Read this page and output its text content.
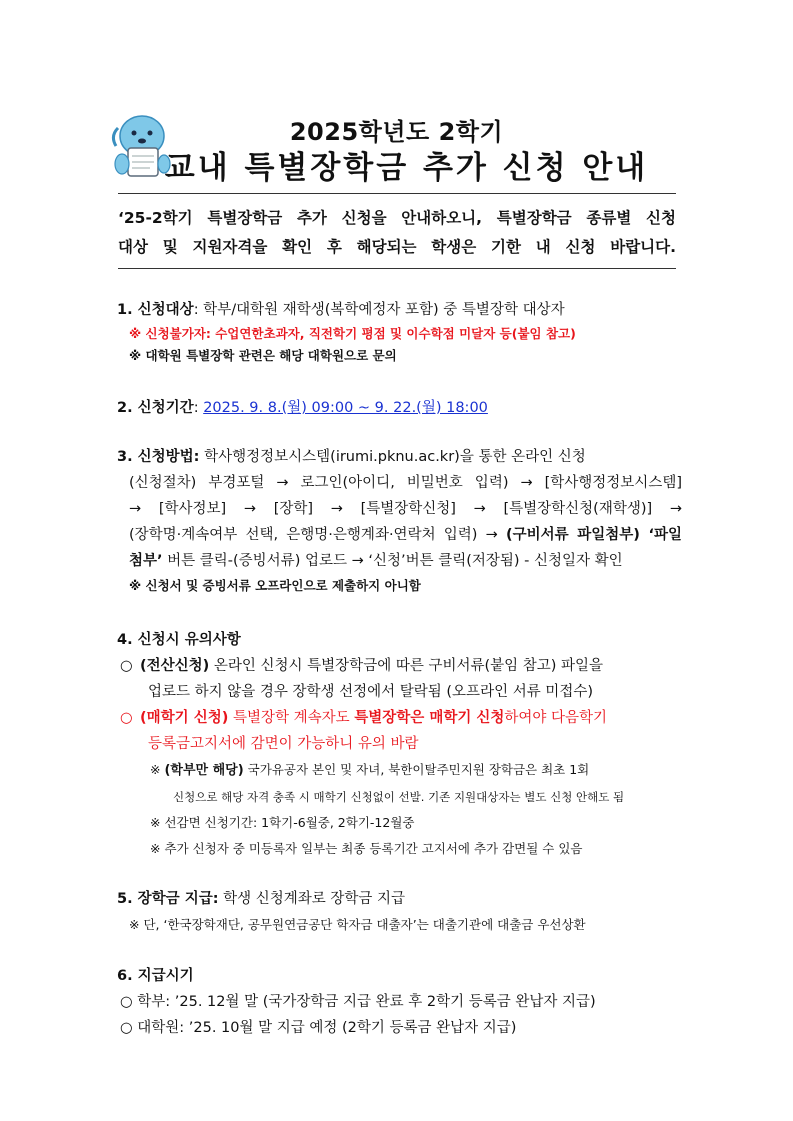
2025학년도 2학기
교내 특별장학금 추가 신청 안내
‘25-2학기 특별장학금 추가 신청을 안내하오니, 특별장학금 종류별 신청
대상 및 지원자격을 확인 후 해당되는 학생은 기한 내 신청 바랍니다.
1. 신청대상: 학부/대학원 재학생(복학예정자 포함) 중 특별장학 대상자
※ 신청불가자: 수업연한초과자, 직전학기 평점 및 이수학점 미달자 등(붙임 참고)
※ 대학원 특별장학 관련은 해당 대학원으로 문의
2. 신청기간: 2025. 9. 8.(월) 09:00 ~ 9. 22.(월) 18:00
3. 신청방법: 학사행정정보시스템(irumi.pknu.ac.kr)을 통한 온라인 신청
(신청절차) 부경포털 → 로그인(아이디, 비밀번호 입력) → [학사행정정보시스템]
→ [학사정보] → [장학] → [특별장학신청] → [특별장학신청(재학생)] →
(장학명·계속여부 선택, 은행명·은행계좌·연락처 입력) → (구비서류 파일첨부) ‘파일
첨부’ 버튼 클릭-(증빙서류) 업로드 → ‘신청’버튼 클릭(저장됨) - 신청일자 확인
※ 신청서 및 증빙서류 오프라인으로 제출하지 아니함
4. 신청시 유의사항
○ (전산신청) 온라인 신청시 특별장학금에 따른 구비서류(붙임 참고) 파일을
업로드 하지 않을 경우 장학생 선정에서 탈락됨 (오프라인 서류 미접수)
○ (매학기 신청) 특별장학 계속자도 특별장학은 매학기 신청하여야 다음학기
등록금고지서에 감면이 가능하니 유의 바람
※ (학부만 해당) 국가유공자 본인 및 자녀, 북한이탈주민지원 장학금은 최초 1회
신청으로 해당 자격 충족 시 매학기 신청없이 선발. 기존 지원대상자는 별도 신청 안해도 됨
※ 선감면 신청기간: 1학기-6월중, 2학기-12월중
※ 추가 신청자 중 미등록자 일부는 최종 등록기간 고지서에 추가 감면될 수 있음
5. 장학금 지급: 학생 신청계좌로 장학금 지급
※ 단, ‘한국장학재단, 공무원연금공단 학자금 대출자’는 대출기관에 대출금 우선상환
6. 지급시기
○ 학부: ’25. 12월 말 (국가장학금 지급 완료 후 2학기 등록금 완납자 지급)
○ 대학원: ’25. 10월 말 지급 예정 (2학기 등록금 완납자 지급)
